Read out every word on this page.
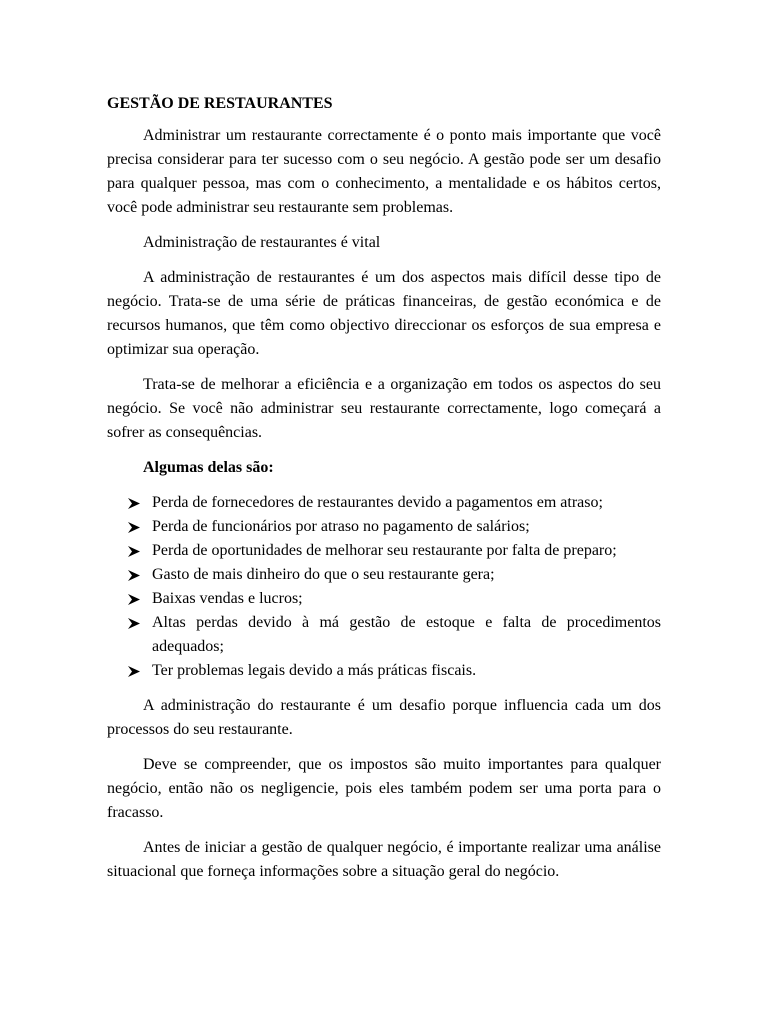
GESTÃO DE RESTAURANTES

Administrar um restaurante correctamente é o ponto mais importante que você precisa considerar para ter sucesso com o seu negócio. A gestão pode ser um desafio para qualquer pessoa, mas com o conhecimento, a mentalidade e os hábitos certos, você pode administrar seu restaurante sem problemas.

Administração de restaurantes é vital

A administração de restaurantes é um dos aspectos mais difícil desse tipo de negócio. Trata-se de uma série de práticas financeiras, de gestão económica e de recursos humanos, que têm como objectivo direccionar os esforços de sua empresa e optimizar sua operação.

Trata-se de melhorar a eficiência e a organização em todos os aspectos do seu negócio. Se você não administrar seu restaurante correctamente, logo começará a sofrer as consequências.

Algumas delas são:
Perda de fornecedores de restaurantes devido a pagamentos em atraso;
Perda de funcionários por atraso no pagamento de salários;
Perda de oportunidades de melhorar seu restaurante por falta de preparo;
Gasto de mais dinheiro do que o seu restaurante gera;
Baixas vendas e lucros;
Altas perdas devido à má gestão de estoque e falta de procedimentos adequados;
Ter problemas legais devido a más práticas fiscais.

A administração do restaurante é um desafio porque influencia cada um dos processos do seu restaurante.

Deve se compreender, que os impostos são muito importantes para qualquer negócio, então não os negligencie, pois eles também podem ser uma porta para o fracasso.

Antes de iniciar a gestão de qualquer negócio, é importante realizar uma análise situacional que forneça informações sobre a situação geral do negócio.
